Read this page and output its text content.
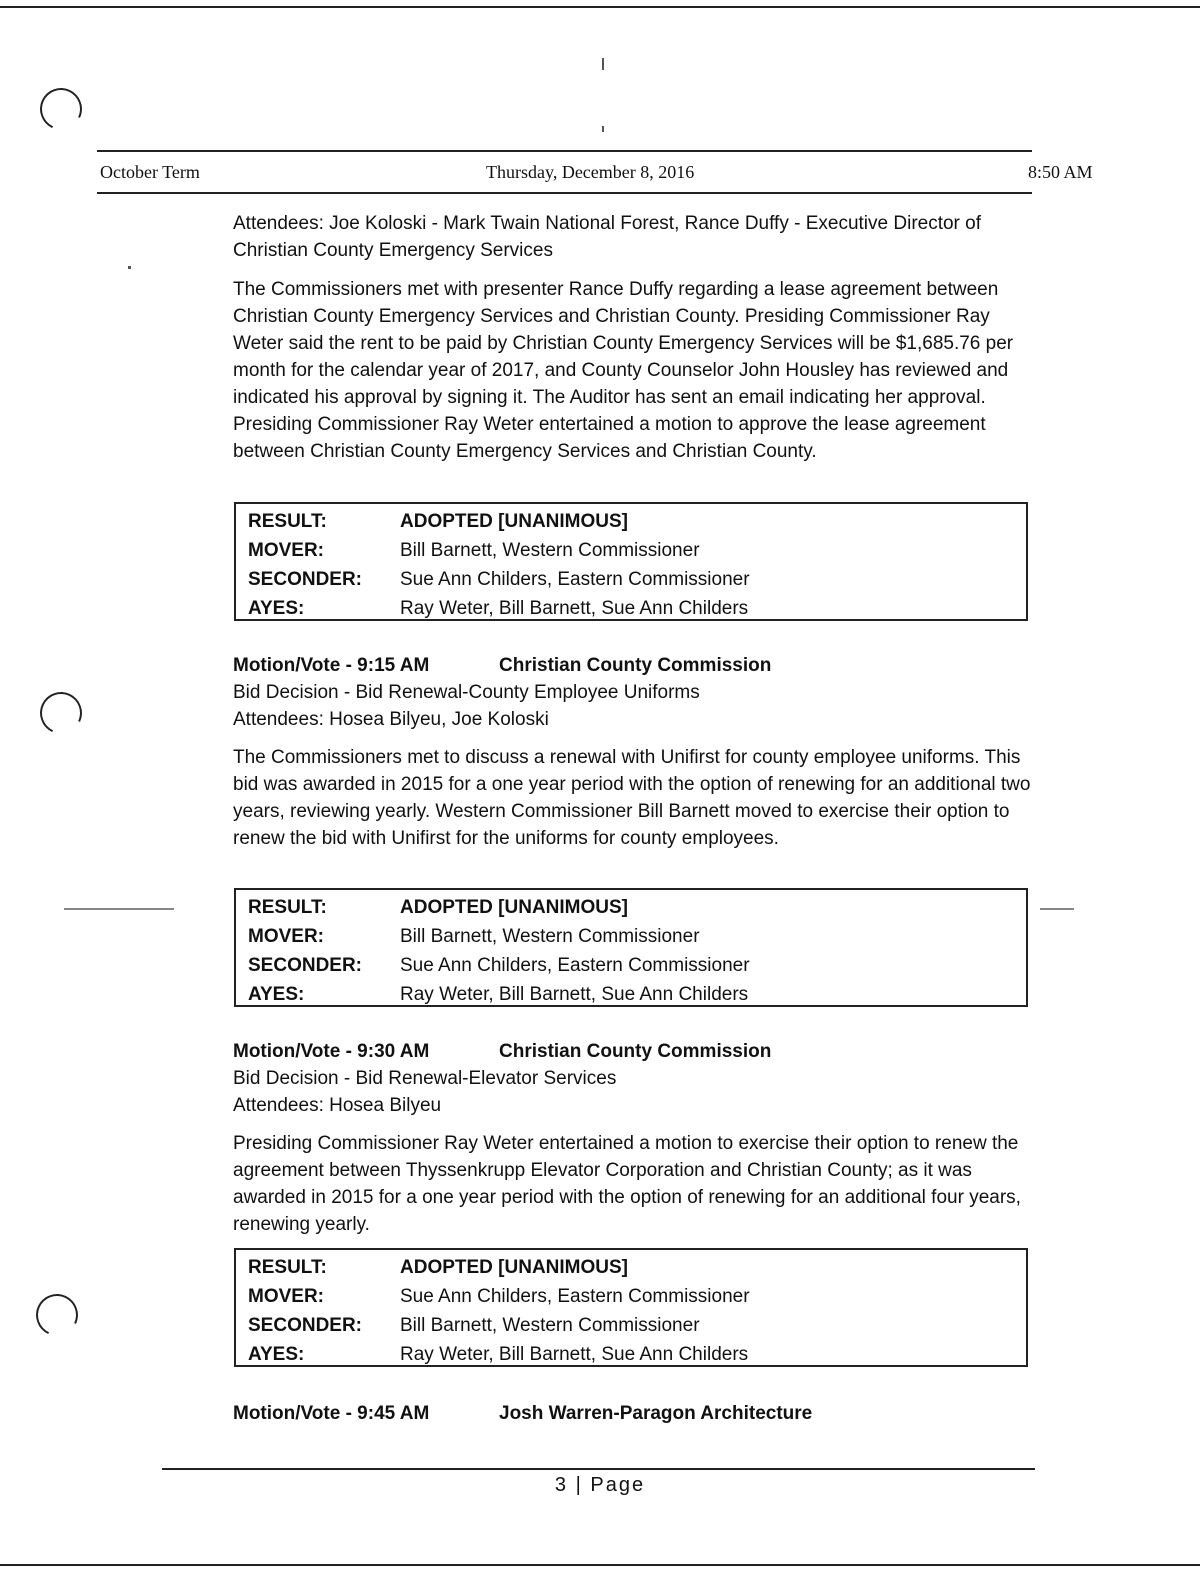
October Term	Thursday, December 8, 2016	8:50 AM

Attendees: Joe Koloski - Mark Twain National Forest, Rance Duffy - Executive Director of Christian County Emergency Services

The Commissioners met with presenter Rance Duffy regarding a lease agreement between Christian County Emergency Services and Christian County. Presiding Commissioner Ray Weter said the rent to be paid by Christian County Emergency Services will be $1,685.76 per month for the calendar year of 2017, and County Counselor John Housley has reviewed and indicated his approval by signing it. The Auditor has sent an email indicating her approval. Presiding Commissioner Ray Weter entertained a motion to approve the lease agreement between Christian County Emergency Services and Christian County.

RESULT:	ADOPTED [UNANIMOUS]
MOVER:	Bill Barnett, Western Commissioner
SECONDER:	Sue Ann Childers, Eastern Commissioner
AYES:	Ray Weter, Bill Barnett, Sue Ann Childers
Motion/Vote - 9:15 AM	Christian County Commission
Bid Decision - Bid Renewal-County Employee Uniforms
Attendees: Hosea Bilyeu, Joe Koloski

The Commissioners met to discuss a renewal with Unifirst for county employee uniforms. This bid was awarded in 2015 for a one year period with the option of renewing for an additional two years, reviewing yearly. Western Commissioner Bill Barnett moved to exercise their option to renew the bid with Unifirst for the uniforms for county employees.

RESULT:	ADOPTED [UNANIMOUS]
MOVER:	Bill Barnett, Western Commissioner
SECONDER:	Sue Ann Childers, Eastern Commissioner
AYES:	Ray Weter, Bill Barnett, Sue Ann Childers
Motion/Vote - 9:30 AM	Christian County Commission
Bid Decision - Bid Renewal-Elevator Services
Attendees: Hosea Bilyeu

Presiding Commissioner Ray Weter entertained a motion to exercise their option to renew the agreement between Thyssenkrupp Elevator Corporation and Christian County; as it was awarded in 2015 for a one year period with the option of renewing for an additional four years, renewing yearly.

RESULT:	ADOPTED [UNANIMOUS]
MOVER:	Sue Ann Childers, Eastern Commissioner
SECONDER:	Bill Barnett, Western Commissioner
AYES:	Ray Weter, Bill Barnett, Sue Ann Childers
Motion/Vote - 9:45 AM	Josh Warren-Paragon Architecture
3 | Page
